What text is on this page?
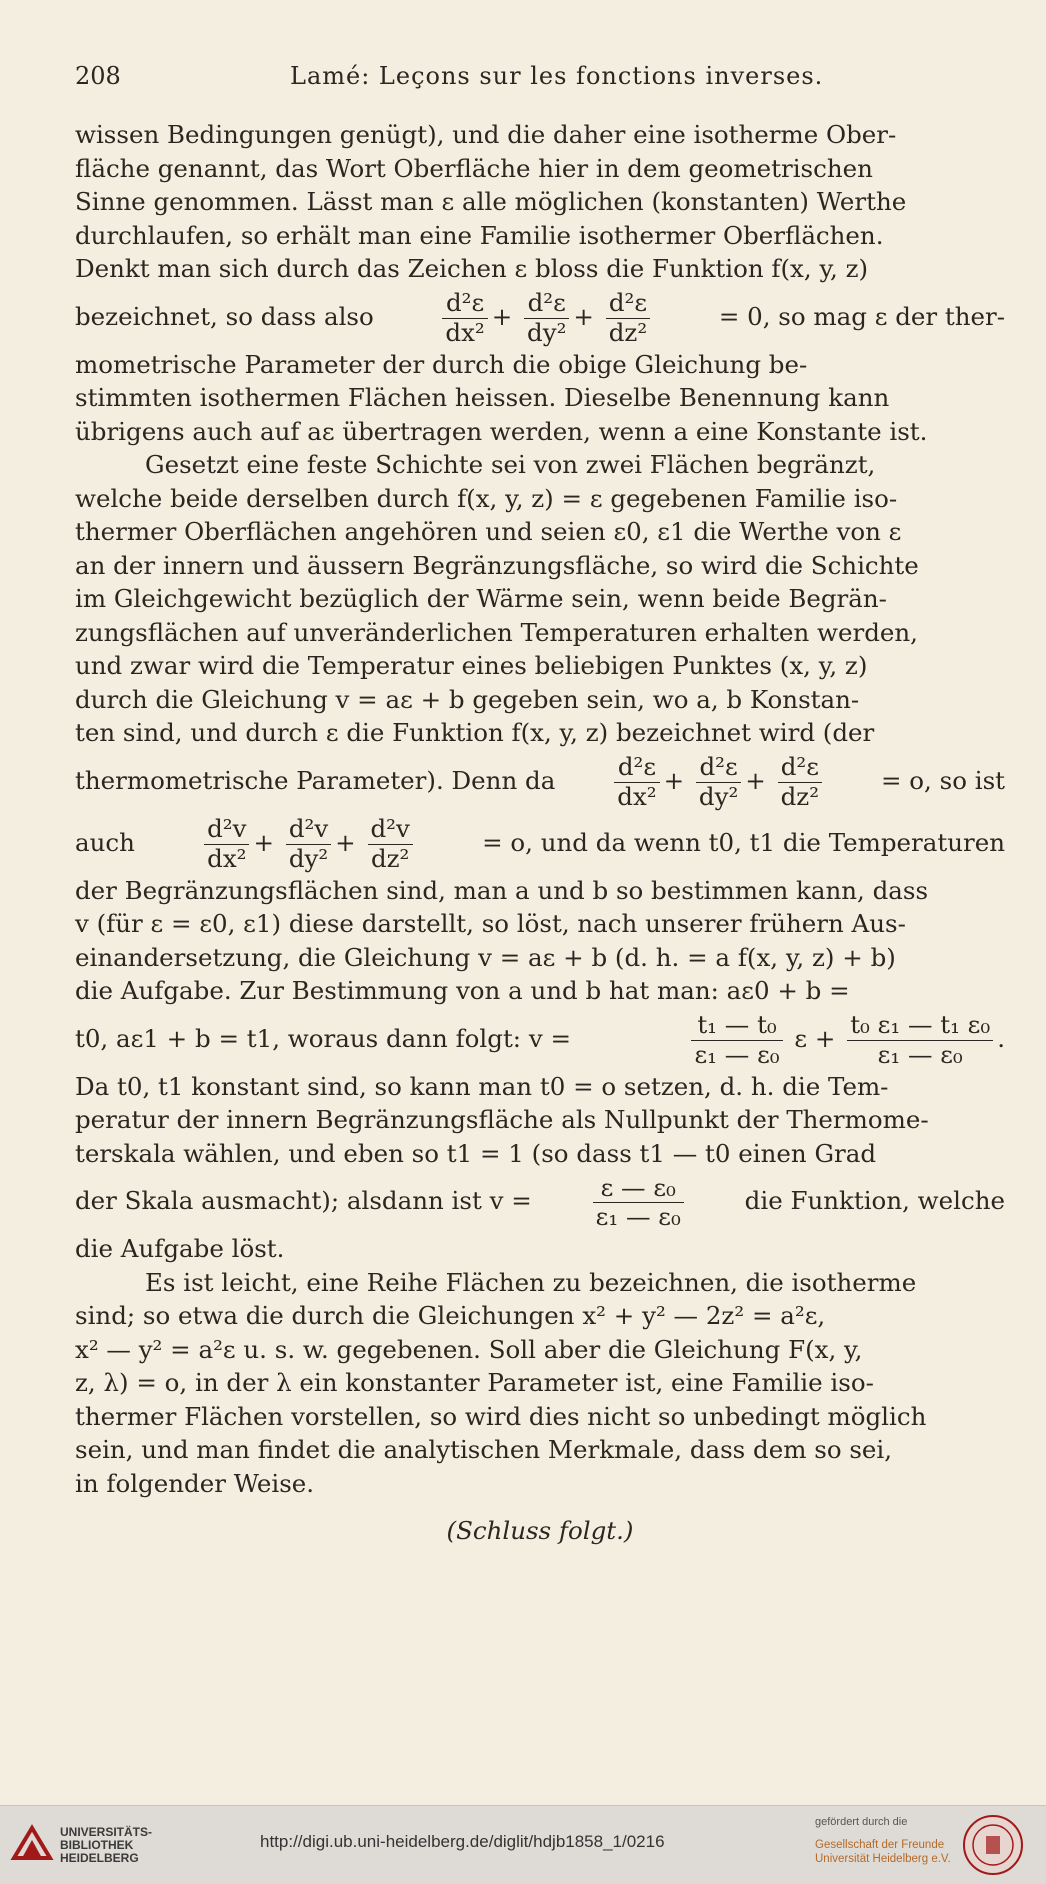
208	Lamé: Leçons sur les fonctions inverses.
wissen Bedingungen genügt), und die daher eine isotherme Ober-
fläche genannt, das Wort Oberfläche hier in dem geometrischen
Sinne genommen. Lässt man ε alle möglichen (konstanten) Werthe
durchlaufen, so erhält man eine Familie isothermer Oberflächen.
Denkt man sich durch das Zeichen ε bloss die Funktion f(x, y, z)
bezeichnet, so dass also	$\frac{\text{d²ε}}{\text{dx²}} + \frac{\text{d²ε}}{\text{dy²}} + \frac{\text{d²ε}}{\text{dz²}}$	= 0, so mag ε der ther-
mometrische Parameter der durch die obige Gleichung be-
stimmten isothermen Flächen heissen. Dieselbe Benennung kann
übrigens auch auf aε übertragen werden, wenn a eine Konstante ist.
Gesetzt eine feste Schichte sei von zwei Flächen begränzt,
welche beide derselben durch f(x, y, z) = ε gegebenen Familie iso-
thermer Oberflächen angehören und seien ε0, ε1 die Werthe von ε
an der innern und äussern Begränzungsfläche, so wird die Schichte
im Gleichgewicht bezüglich der Wärme sein, wenn beide Begrän-
zungsflächen auf unveränderlichen Temperaturen erhalten werden,
und zwar wird die Temperatur eines beliebigen Punktes (x, y, z)
durch die Gleichung v = aε + b gegeben sein, wo a, b Konstan-
ten sind, und durch ε die Funktion f(x, y, z) bezeichnet wird (der
thermometrische Parameter). Denn da $\frac{\text{d²ε}}{\text{dx²}} + \frac{\text{d²ε}}{\text{dy²}} + \frac{\text{d²ε}}{\text{dz²}} = o$, so ist
auch	$\frac{\text{d²v}}{\text{dx²}} + \frac{\text{d²v}}{\text{dy²}} + \frac{\text{d²v}}{\text{dz²}}$	= o, und da wenn t0, t1 die Temperaturen
der Begränzungsflächen sind, man a und b so bestimmen kann, dass
v (für ε = ε0, ε1) diese darstellt, so löst, nach unserer frühern Aus-
einandersetzung, die Gleichung v = aε + b (d. h. = a f(x, y, z) + b)
die Aufgabe. Zur Bestimmung von a und b hat man: aε0 + b =
t0, aε1 + b = t1, woraus dann folgt: v =	$\frac{\text{t₁ — t₀}}{\text{ε₁ — ε₀}}$ $\varepsilon + \frac{\text{t₀ ε₁ — t₁ ε₀}}{\text{ε₁ — ε₀}}$ .
Da t0, t1 konstant sind, so kann man t0 = o setzen, d. h. die Tem-
peratur der innern Begränzungsfläche als Nullpunkt der Thermome-
terskala wählen, und eben so t1 = 1 (so dass t1 — t0 einen Grad
der Skala ausmacht); alsdann ist $v = \frac{\text{ε — ε₀}}{\text{ε₁ — ε₀}}$ die Funktion, welche
die Aufgabe löst.
Es ist leicht, eine Reihe Flächen zu bezeichnen, die isotherme
sind; so etwa die durch die Gleichungen x² + y² — 2z² = a²ε,
x² — y² = a²ε u. s. w. gegebenen. Soll aber die Gleichung F(x, y,
z, λ) = o, in der λ ein konstanter Parameter ist, eine Familie iso-
thermer Flächen vorstellen, so wird dies nicht so unbedingt möglich
sein, und man findet die analytischen Merkmale, dass dem so sei,
in folgender Weise.
(Schluss folgt.)
UNIVERSITÄTS-
BIBLIOTHEK
HEIDELBERG
http://digi.ub.uni-heidelberg.de/diglit/hdjb1858_1/0216
gefördert durch die
Gesellschaft der Freunde
Universität Heidelberg e.V.
